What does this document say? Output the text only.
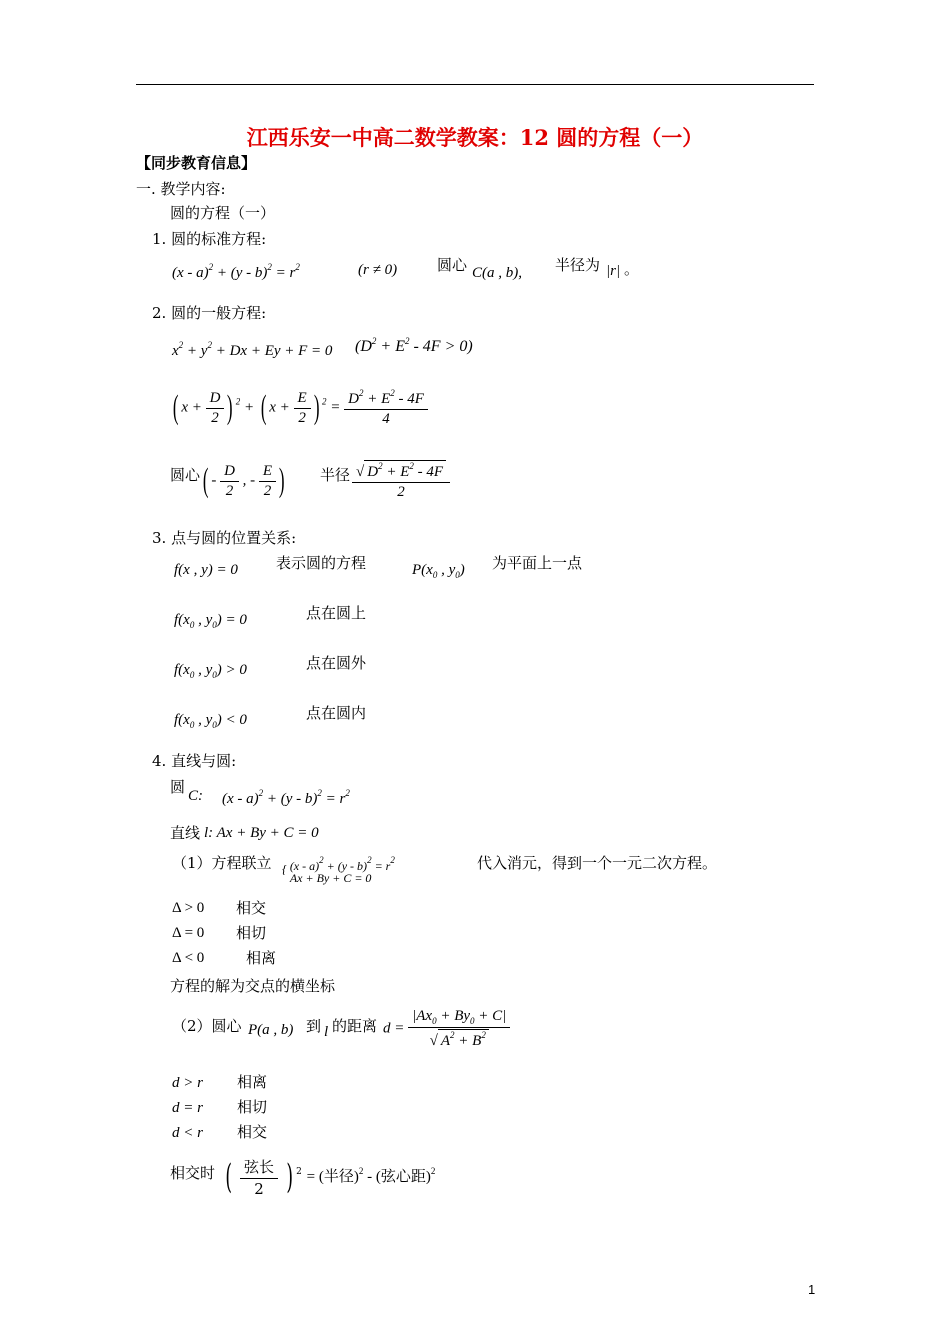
江西乐安一中高二数学教案：12 圆的方程（一）
【同步教育信息】
一. 教学内容:
圆的方程（一）
1. 圆的标准方程:
$(x - a)^2 + (y - b)^2 = r^2$	(r ≠ 0)	圆心 C(a , b), 半径为 |r| 。
2. 圆的一般方程:
$x^2 + y^2 + Dx + Ey + F = 0$ $(D^2 + E^2 - 4F > 0)$
( $x + \frac{D}{2}$ ) $^2$ + ( $x + \frac{E}{2}$ ) $^2 = \frac{D^2 + E^2 - 4F}{4}$
圆心 ( - $\frac{D}{2}$ , - $\frac{E}{2}$ ) 半径 $\frac{√ D^2 + E^2 - 4F}{2}$
3. 点与圆的位置关系:
f(x , y) = 0	表示圆的方程	$P(x_0$ , $y_0$) 为平面上一点
$f(x_0$ , $y_0) = 0$	点在圆上
$f(x_0$ , $y_0) > 0$	点在圆外
$f(x_0$ , $y_0) < 0$	点在圆内
4. 直线与圆:
圆 C: $(x - a)^2 + (y - b)^2 = r^2$
直线 l: Ax + By + C = 0
（1）方程联立 { $(x - a)^2 + (y - b)^2 = r^2$
Ax + By + C = 0
代入消元，得到一个一元二次方程。
Δ > 0 相交
Δ = 0 相切
Δ < 0	相离
方程的解为交点的横坐标
（2）圆心 P(a , b) 到 l 的距离 $d = \frac{|Ax_0 + By_0 + C|}{√ A^2 + B^2}$
d > r 相离
d = r 相切
d < r 相交
相交时 ( $\frac{\text{弦长}}{2}$ ) $^2$ = (半径)$^2$ - (弦心距)$^2$
1
